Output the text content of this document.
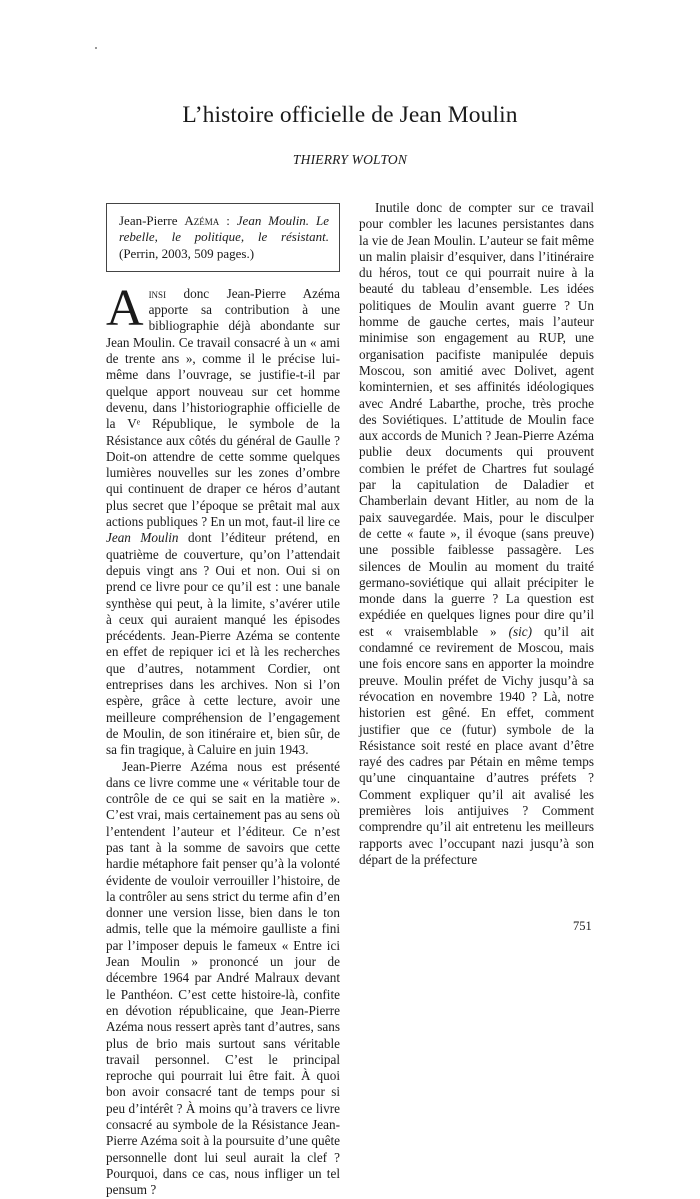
L’histoire officielle de Jean Moulin
THIERRY WOLTON
Jean-Pierre Azéma : Jean Moulin. Le rebelle, le politique, le résistant. (Perrin, 2003, 509 pages.)

Ainsi donc Jean-Pierre Azéma apporte sa contribution à une bibliographie déjà abondante sur Jean Moulin. Ce travail consacré à un « ami de trente ans », comme il le précise lui-même dans l’ouvrage, se justifie-t-il par quelque apport nouveau sur cet homme devenu, dans l’historiographie officielle de la Vᵉ République, le symbole de la Résistance aux côtés du général de Gaulle ? Doit-on attendre de cette somme quelques lumières nouvelles sur les zones d’ombre qui continuent de draper ce héros d’autant plus secret que l’époque se prêtait mal aux actions publiques ? En un mot, faut-il lire ce Jean Moulin dont l’éditeur prétend, en quatrième de couverture, qu’on l’attendait depuis vingt ans ? Oui et non. Oui si on prend ce livre pour ce qu’il est : une banale synthèse qui peut, à la limite, s’avérer utile à ceux qui auraient manqué les épisodes précédents. Jean-Pierre Azéma se contente en effet de repiquer ici et là les recherches que d’autres, notamment Cordier, ont entreprises dans les archives. Non si l’on espère, grâce à cette lecture, avoir une meilleure compréhension de l’engagement de Moulin, de son itinéraire et, bien sûr, de sa fin tragique, à Caluire en juin 1943.

Jean-Pierre Azéma nous est présenté dans ce livre comme une « véritable tour de contrôle de ce qui se sait en la matière ». C’est vrai, mais certainement pas au sens où l’entendent l’auteur et l’éditeur. Ce n’est pas tant à la somme de savoirs que cette hardie métaphore fait penser qu’à la volonté évidente de vouloir verrouiller l’histoire, de la contrôler au sens strict du terme afin d’en donner une version lisse, bien dans le ton admis, telle que la mémoire gaulliste a fini par l’imposer depuis le fameux « Entre ici Jean Moulin » prononcé un jour de décembre 1964 par André Malraux devant le Panthéon. C’est cette histoire-là, confite en dévotion républicaine, que Jean-Pierre Azéma nous ressert après tant d’autres, sans plus de brio mais surtout sans véritable travail personnel. C’est le principal reproche qui pourrait lui être fait. À quoi bon avoir consacré tant de temps pour si peu d’intérêt ? À moins qu’à travers ce livre consacré au symbole de la Résistance Jean-Pierre Azéma soit à la poursuite d’une quête personnelle dont lui seul aurait la clef ? Pourquoi, dans ce cas, nous infliger un tel pensum ?

Inutile donc de compter sur ce travail pour combler les lacunes persistantes dans la vie de Jean Moulin. L’auteur se fait même un malin plaisir d’esquiver, dans l’itinéraire du héros, tout ce qui pourrait nuire à la beauté du tableau d’ensemble. Les idées politiques de Moulin avant guerre ? Un homme de gauche certes, mais l’auteur minimise son engagement au RUP, une organisation pacifiste manipulée depuis Moscou, son amitié avec Dolivet, agent kominternien, et ses affinités idéologiques avec André Labarthe, proche, très proche des Soviétiques. L’attitude de Moulin face aux accords de Munich ? Jean-Pierre Azéma publie deux documents qui prouvent combien le préfet de Chartres fut soulagé par la capitulation de Daladier et Chamberlain devant Hitler, au nom de la paix sauvegardée. Mais, pour le disculper de cette « faute », il évoque (sans preuve) une possible faiblesse passagère. Les silences de Moulin au moment du traité germano-soviétique qui allait précipiter le monde dans la guerre ? La question est expédiée en quelques lignes pour dire qu’il est « vraisemblable » (sic) qu’il ait condamné ce revirement de Moscou, mais une fois encore sans en apporter la moindre preuve. Moulin préfet de Vichy jusqu’à sa révocation en novembre 1940 ? Là, notre historien est gêné. En effet, comment justifier que ce (futur) symbole de la Résistance soit resté en place avant d’être rayé des cadres par Pétain en même temps qu’une cinquantaine d’autres préfets ? Comment expliquer qu’il ait avalisé les premières lois antijuives ? Comment comprendre qu’il ait entretenu les meilleurs rapports avec l’occupant nazi jusqu’à son départ de la préfecture

751
